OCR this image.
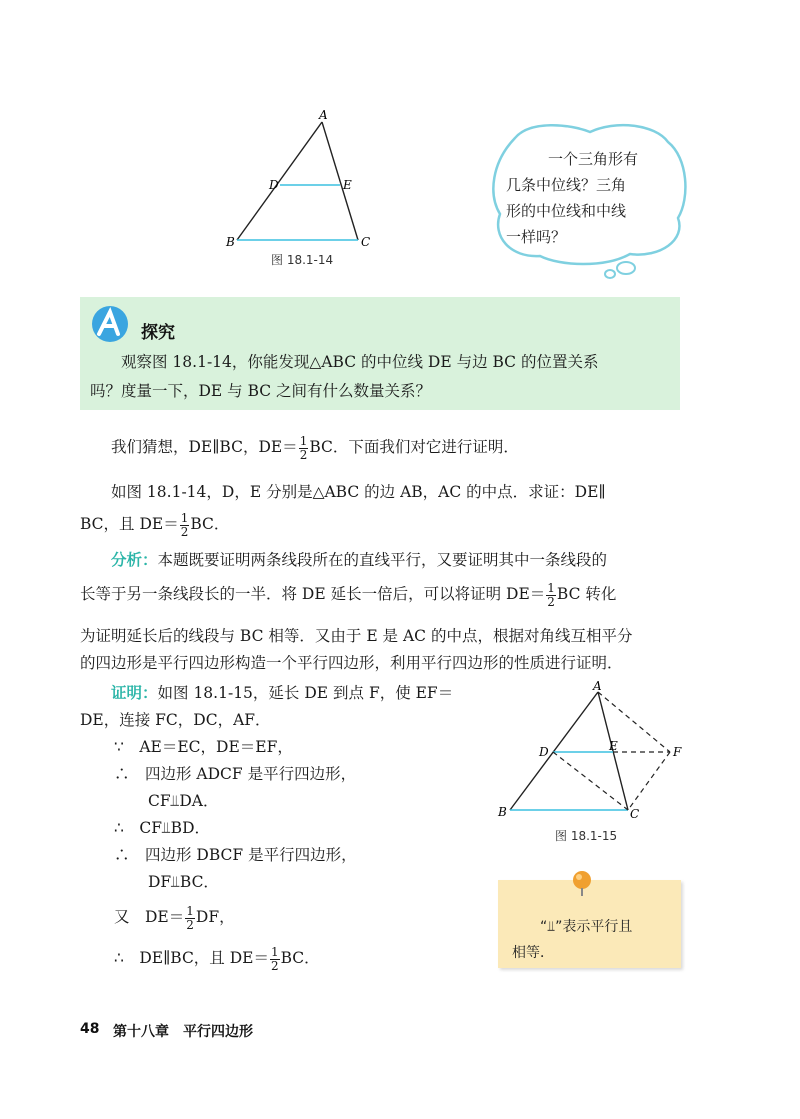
A
D	E
B	C
图 18.1-14
一个三角形有
几条中位线？三角
形的中位线和中线
一样吗？
探究
观察图 18.1-14，你能发现△ABC 的中位线 DE 与边 BC 的位置关系
吗？度量一下，DE 与 BC 之间有什么数量关系？
我们猜想，DE∥BC，$DE= \frac{1}{2}$ BC．下面我们对它进行证明．
如图 18.1-14，D，E 分别是△ABC 的边 AB，AC 的中点．求证：DE∥
BC，且 $DE= \frac{1}{2}$ BC．
分析：本题既要证明两条线段所在的直线平行，又要证明其中一条线段的
长等于另一条线段长的一半．将 DE 延长一倍后，可以将证明 $DE= \frac{1}{2}$ BC 转化
为证明延长后的线段与 BC 相等．又由于 E 是 AC 的中点，根据对角线互相平分
的四边形是平行四边形构造一个平行四边形，利用平行四边形的性质进行证明．
证明：如图 18.1-15，延长 DE 到点 F，使 EF＝
DE，连接 FC，DC，AF．
∵　AE＝EC，DE＝EF，
∴　四边形 ADCF 是平行四边形，
CF⫫DA．
∴　CF⫫BD．
∴　四边形 DBCF 是平行四边形，
DF⫫BC．
又　$DE= \frac{1}{2}$ DF，
∴　DE∥BC，且 $DE= \frac{1}{2}$ BC．
A
D	E	F
B	C
图 18.1-15
“⫫”表示平行且
相等．
48 第十八章　平行四边形
